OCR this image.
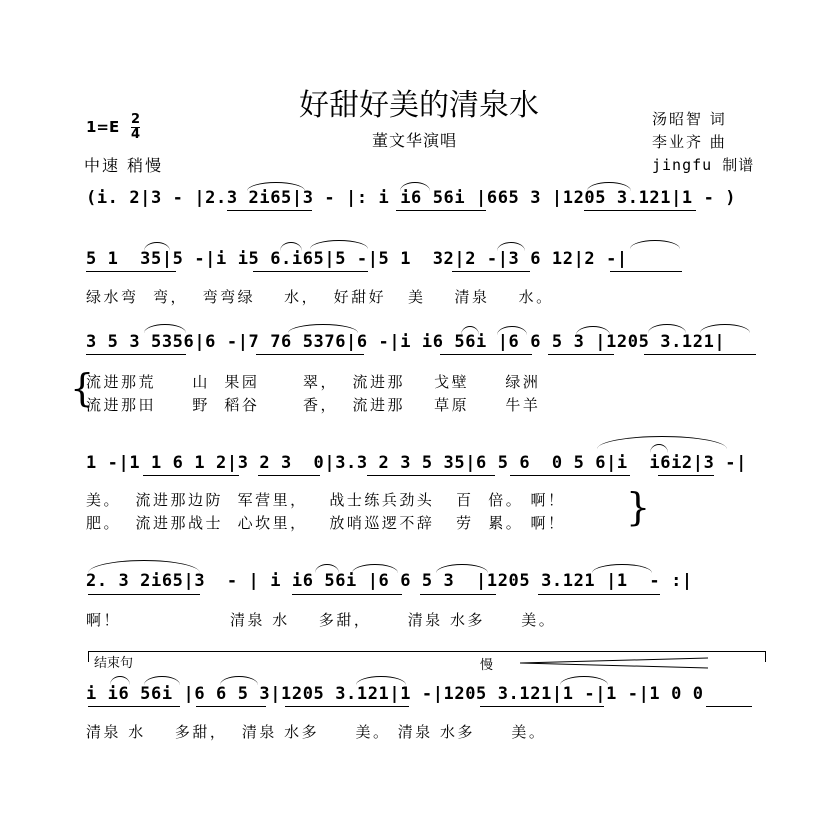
好甜好美的清泉水
董文华演唱
汤昭智 词
李业齐 曲
jingfu 制谱
1=E 2
4
中速 稍慢
(i. 2|3 - |2.3 2i65|3 - |: i i6 56i |665 3 |1205 3.121|1 - )
5 1  35|5 -|i i5 6.i65|5 -|5 1  32|2 -|3 6 12|2 -|
绿水弯  弯，  弯弯绿    水，  好甜好   美    清泉    水。
3 5 3 5356|6 -|7 76 5376|6 -|i i6 56i |6 6 5 3 |1205 3.121|
{
流进那荒     山  果园      翠，  流进那    戈壁     绿洲
流进那田     野  稻谷      香，  流进那    草原     牛羊
1 -|1 1 6 1 2|3 2 3  0|3.3 2 3 5 35|6 5 6  0 5 6|i  i6i2|3 -|
美。  流进那边防  军营里，   战士练兵劲头   百  倍。 啊！
肥。  流进那战士  心坎里，   放哨巡逻不辞   劳  累。 啊！ }
2. 3 2i65|3  - | i i6 56i |6 6 5 3  |1205 3.121 |1  - :|
啊！               清泉 水    多甜，     清泉 水多     美。
结束句	慢
i i6 56i |6 6 5 3|1205 3.121|1 -|1205 3.121|1 -|1 -|1 0 0
清泉 水    多甜，  清泉 水多     美。 清泉 水多     美。
